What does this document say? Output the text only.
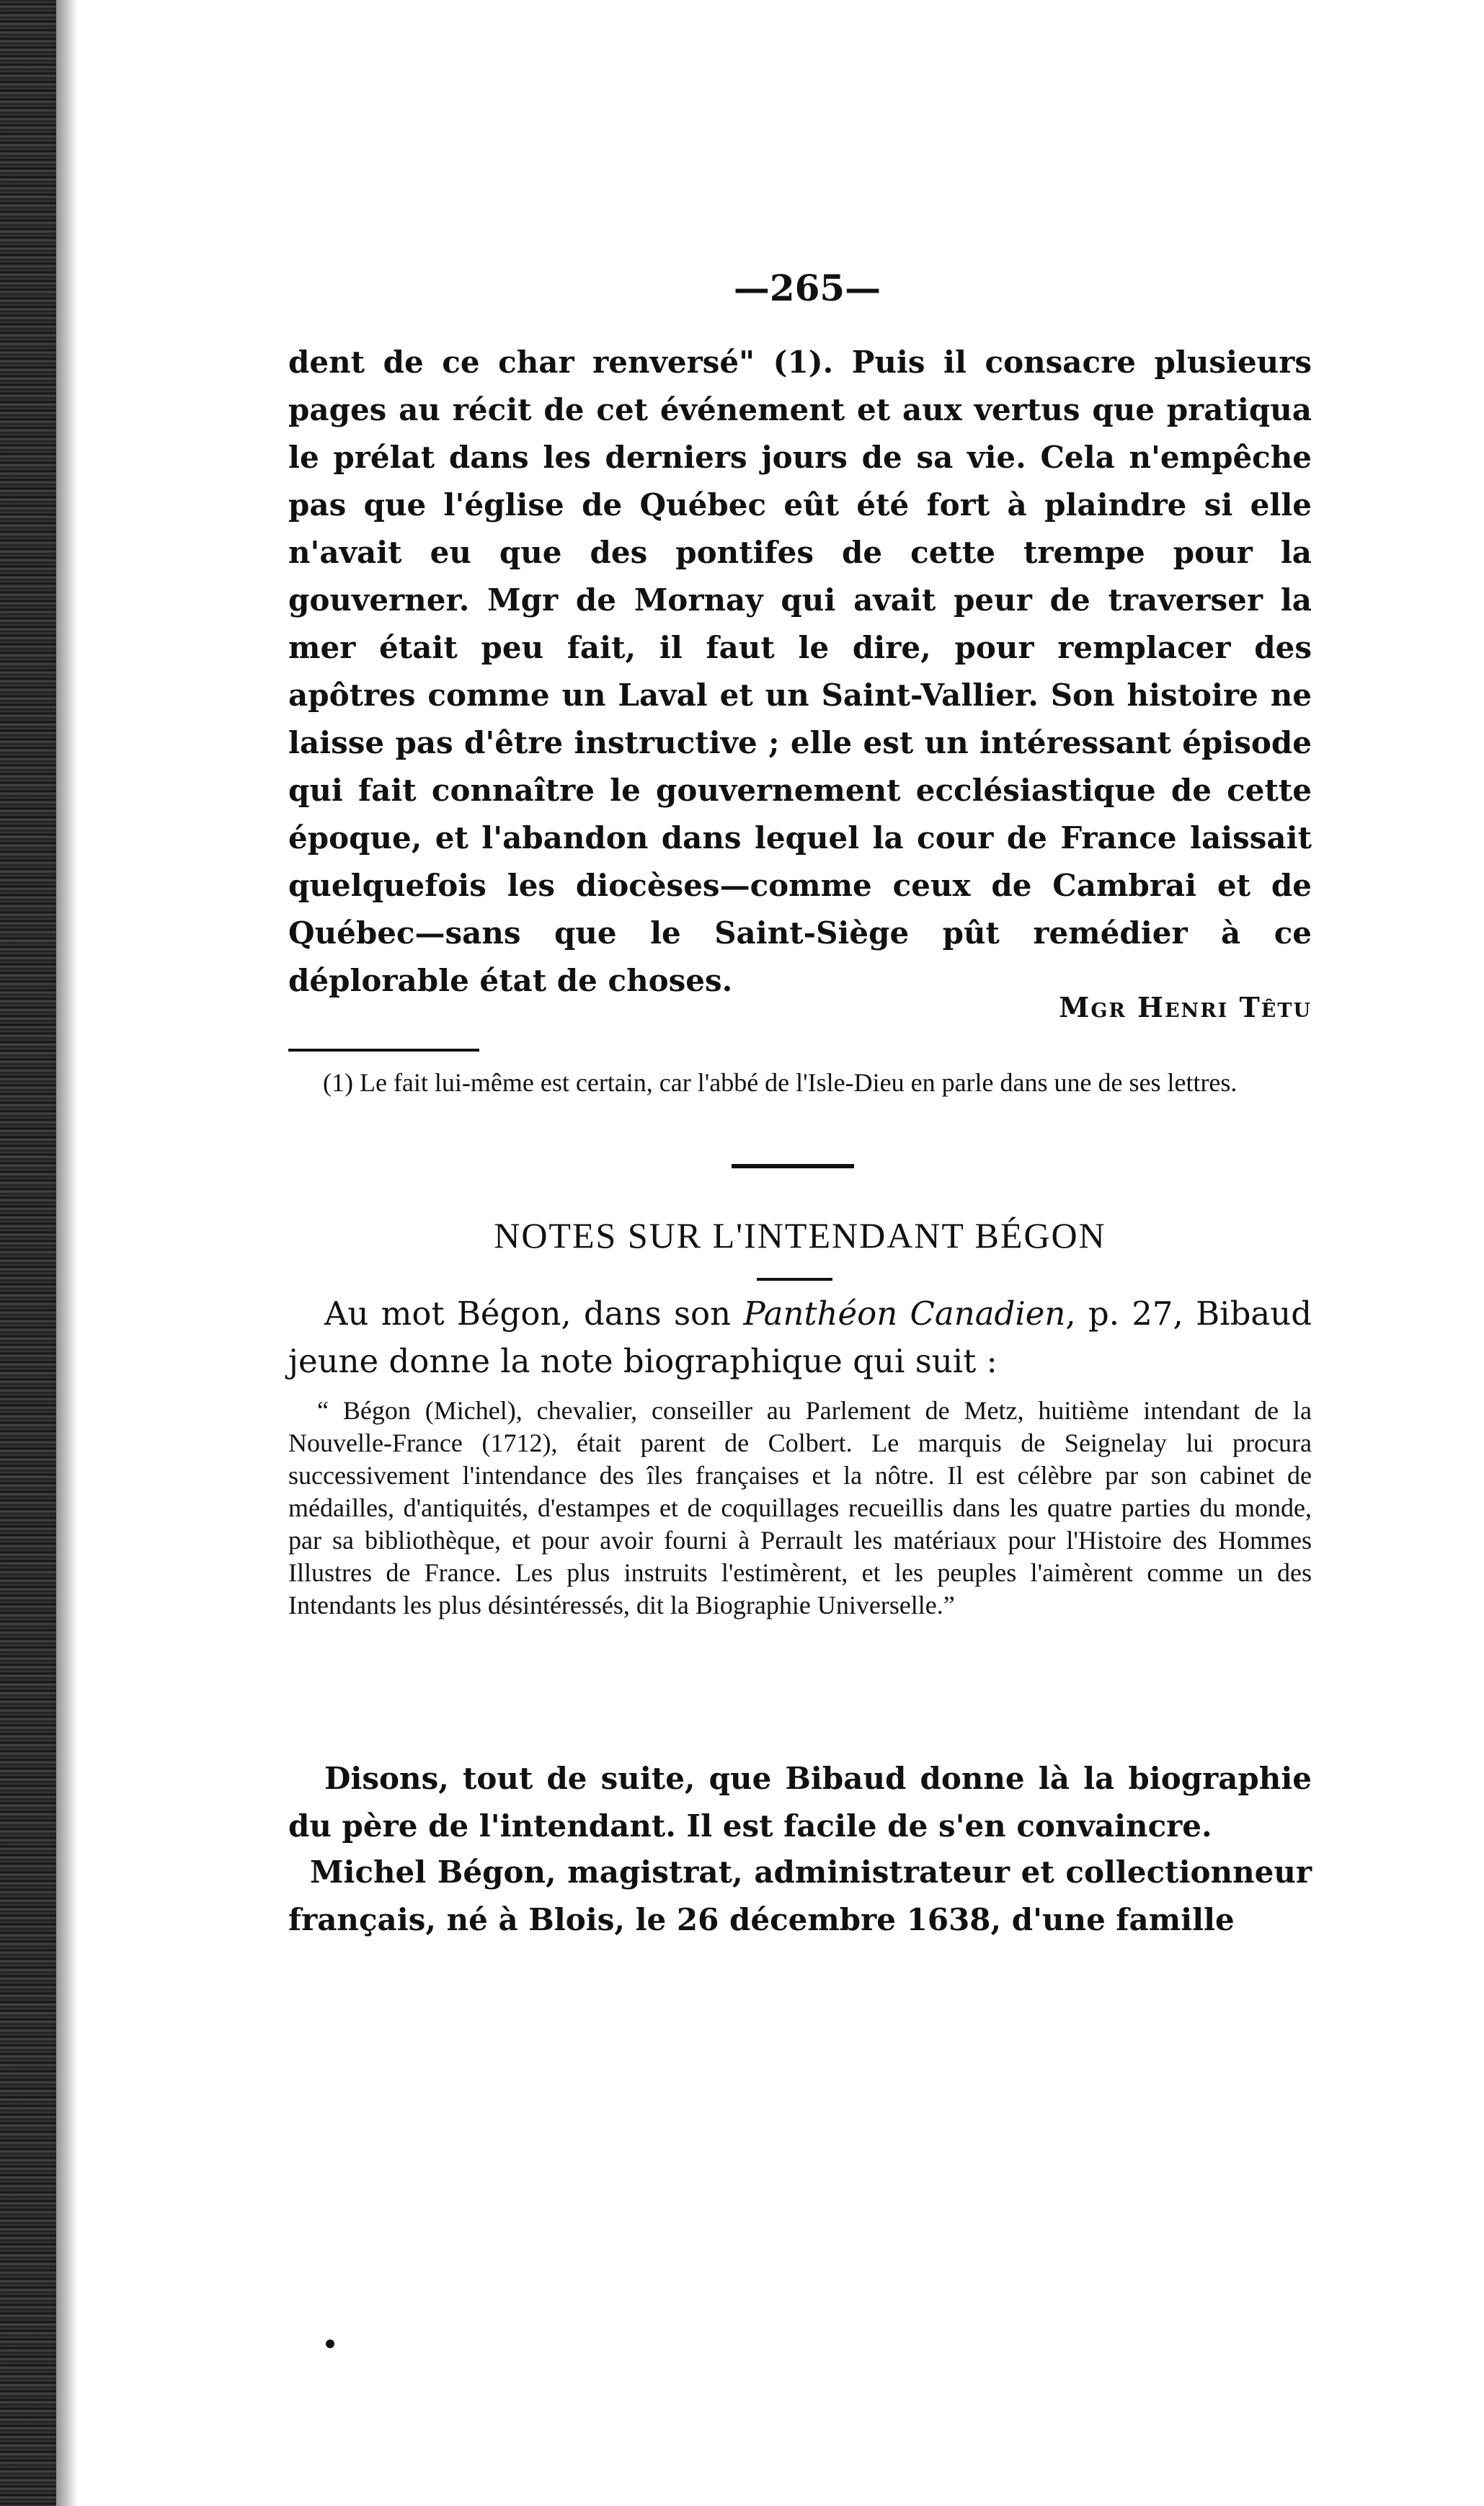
—265—

dent de ce char renversé" (1). Puis il consacre plusieurs pages au récit de cet événement et aux vertus que pratiqua le prélat dans les derniers jours de sa vie. Cela n'empêche pas que l'église de Québec eût été fort à plaindre si elle n'avait eu que des pontifes de cette trempe pour la gouverner. Mgr de Mornay qui avait peur de traverser la mer était peu fait, il faut le dire, pour remplacer des apôtres comme un Laval et un Saint-Vallier. Son histoire ne laisse pas d'être instructive ; elle est un intéressant épisode qui fait connaître le gouvernement ecclésiastique de cette époque, et l'abandon dans lequel la cour de France laissait quelquefois les diocèses—comme ceux de Cambrai et de Québec—sans que le Saint-Siège pût remédier à ce déplorable état de choses.

Mgr Henri Têtu

(1) Le fait lui-même est certain, car l'abbé de l'Isle-Dieu en parle dans une de ses lettres.

NOTES SUR L'INTENDANT BÉGON

Au mot Bégon, dans son Panthéon Canadien, p. 27, Bibaud jeune donne la note biographique qui suit :

“ Bégon (Michel), chevalier, conseiller au Parlement de Metz, huitième intendant de la Nouvelle-France (1712), était parent de Colbert. Le marquis de Seignelay lui procura successivement l'intendance des îles françaises et la nôtre. Il est célèbre par son cabinet de médailles, d'antiquités, d'estampes et de coquillages recueillis dans les quatre parties du monde, par sa bibliothèque, et pour avoir fourni à Perrault les matériaux pour l'Histoire des Hommes Illustres de France. Les plus instruits l'estimèrent, et les peuples l'aimèrent comme un des Intendants les plus désintéressés, dit la Biographie Universelle.”

Disons, tout de suite, que Bibaud donne là la biographie du père de l'intendant. Il est facile de s'en convaincre.

Michel Bégon, magistrat, administrateur et collectionneur français, né à Blois, le 26 décembre 1638, d'une famille
